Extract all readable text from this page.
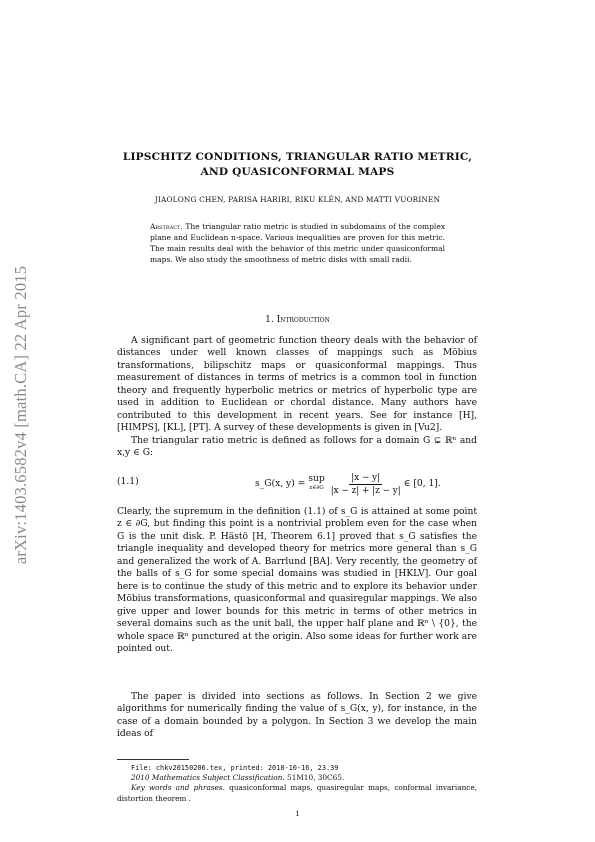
arXiv:1403.6582v4 [math.CA] 22 Apr 2015
LIPSCHITZ CONDITIONS, TRIANGULAR RATIO METRIC,
AND QUASICONFORMAL MAPS
JIAOLONG CHEN, PARISA HARIRI, RIKU KLÉN, AND MATTI VUORINEN
Abstract. The triangular ratio metric is studied in subdomains of the complex plane and Euclidean n-space. Various inequalities are proven for this metric. The main results deal with the behavior of this metric under quasiconformal maps. We also study the smoothness of metric disks with small radii.
1. Introduction
A significant part of geometric function theory deals with the behavior of distances under well known classes of mappings such as Möbius transformations, bilipschitz maps or quasiconformal mappings. Thus measurement of distances in terms of metrics is a common tool in function theory and frequently hyperbolic metrics or metrics of hyperbolic type are used in addition to Euclidean or chordal distance. Many authors have contributed to this development in recent years. See for instance [H], [HIMPS], [KL], [PT]. A survey of these developments is given in [Vu2].
The triangular ratio metric is defined as follows for a domain G ⊊ ℝⁿ and x,y ∈ G:
(1.1)	s_G(x, y) = sup
z∈∂G $\frac{|x - y|}{|x - z| + |z - y|}$ ∈ [0, 1].
Clearly, the supremum in the definition (1.1) of s_G is attained at some point z ∈ ∂G, but finding this point is a nontrivial problem even for the case when G is the unit disk. P. Hästö [H, Theorem 6.1] proved that s_G satisfies the triangle inequality and developed theory for metrics more general than s_G and generalized the work of A. Barrlund [BA]. Very recently, the geometry of the balls of s_G for some special domains was studied in [HKLV]. Our goal here is to continue the study of this metric and to explore its behavior under Möbius transformations, quasiconformal and quasiregular mappings. We also give upper and lower bounds for this metric in terms of other metrics in several domains such as the unit ball, the upper half plane and ℝⁿ \ {0}, the whole space ℝⁿ punctured at the origin. Also some ideas for further work are pointed out.
The paper is divided into sections as follows. In Section 2 we give algorithms for numerically finding the value of s_G(x, y), for instance, in the case of a domain bounded by a polygon. In Section 3 we develop the main ideas of
File: chkv20150206.tex, printed: 2018-10-16, 23.39
2010 Mathematics Subject Classification. 51M10, 30C65.
Key words and phrases. quasiconformal maps, quasiregular maps, conformal invariance, distortion theorem .
1
